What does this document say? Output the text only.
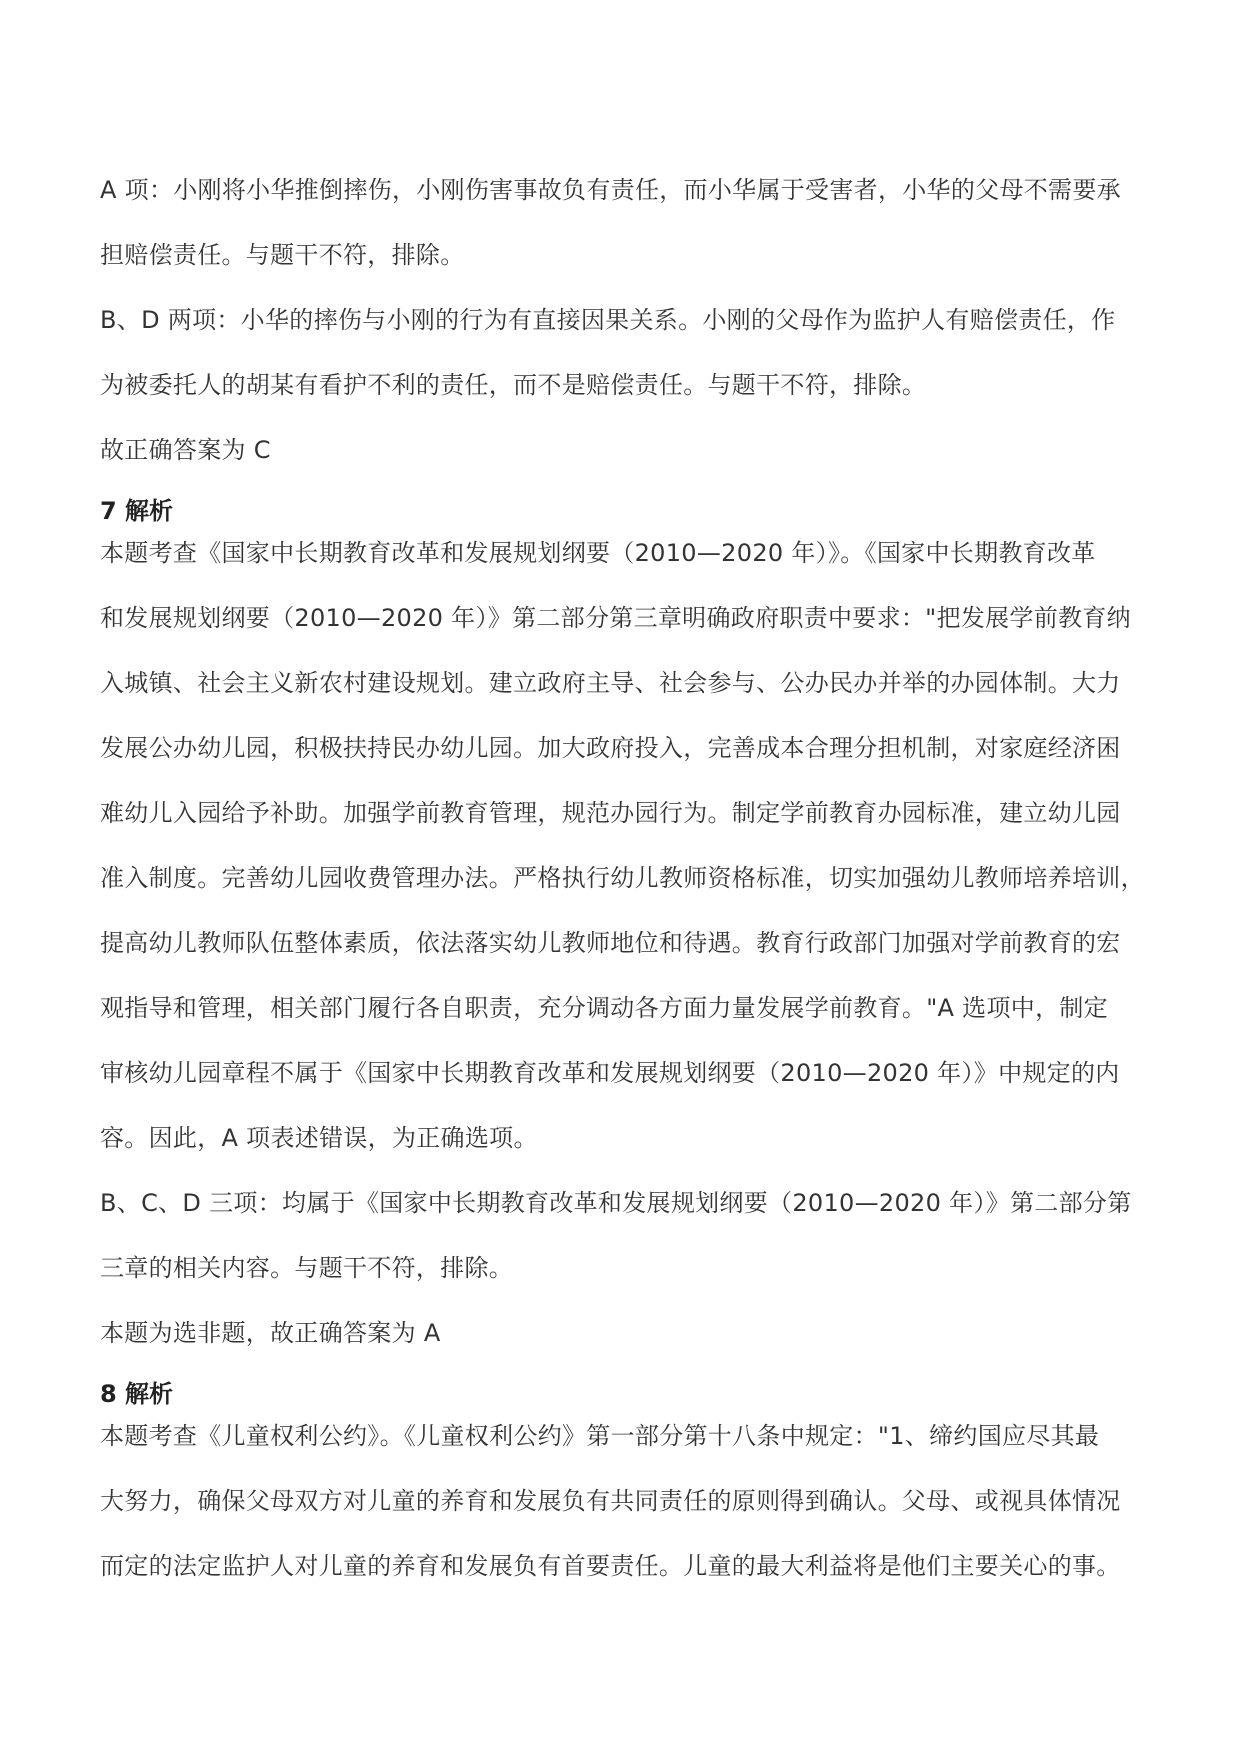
A 项：小刚将小华推倒摔伤，小刚伤害事故负有责任，而小华属于受害者，小华的父母不需要承
担赔偿责任。与题干不符，排除。
B、D 两项：小华的摔伤与小刚的行为有直接因果关系。小刚的父母作为监护人有赔偿责任，作
为被委托人的胡某有看护不利的责任，而不是赔偿责任。与题干不符，排除。
故正确答案为 C
7 解析
本题考查《国家中长期教育改革和发展规划纲要（2010—2020 年）》。《国家中长期教育改革
和发展规划纲要（2010—2020 年）》第二部分第三章明确政府职责中要求："把发展学前教育纳
入城镇、社会主义新农村建设规划。建立政府主导、社会参与、公办民办并举的办园体制。大力
发展公办幼儿园，积极扶持民办幼儿园。加大政府投入，完善成本合理分担机制，对家庭经济困
难幼儿入园给予补助。加强学前教育管理，规范办园行为。制定学前教育办园标准，建立幼儿园
准入制度。完善幼儿园收费管理办法。严格执行幼儿教师资格标准，切实加强幼儿教师培养培训，
提高幼儿教师队伍整体素质，依法落实幼儿教师地位和待遇。教育行政部门加强对学前教育的宏
观指导和管理，相关部门履行各自职责，充分调动各方面力量发展学前教育。"A 选项中，制定
审核幼儿园章程不属于《国家中长期教育改革和发展规划纲要（2010—2020 年）》中规定的内
容。因此，A 项表述错误，为正确选项。
B、C、D 三项：均属于《国家中长期教育改革和发展规划纲要（2010—2020 年）》第二部分第
三章的相关内容。与题干不符，排除。
本题为选非题，故正确答案为 A
8 解析
本题考查《儿童权利公约》。《儿童权利公约》第一部分第十八条中规定："1、缔约国应尽其最
大努力，确保父母双方对儿童的养育和发展负有共同责任的原则得到确认。父母、或视具体情况
而定的法定监护人对儿童的养育和发展负有首要责任。儿童的最大利益将是他们主要关心的事。
